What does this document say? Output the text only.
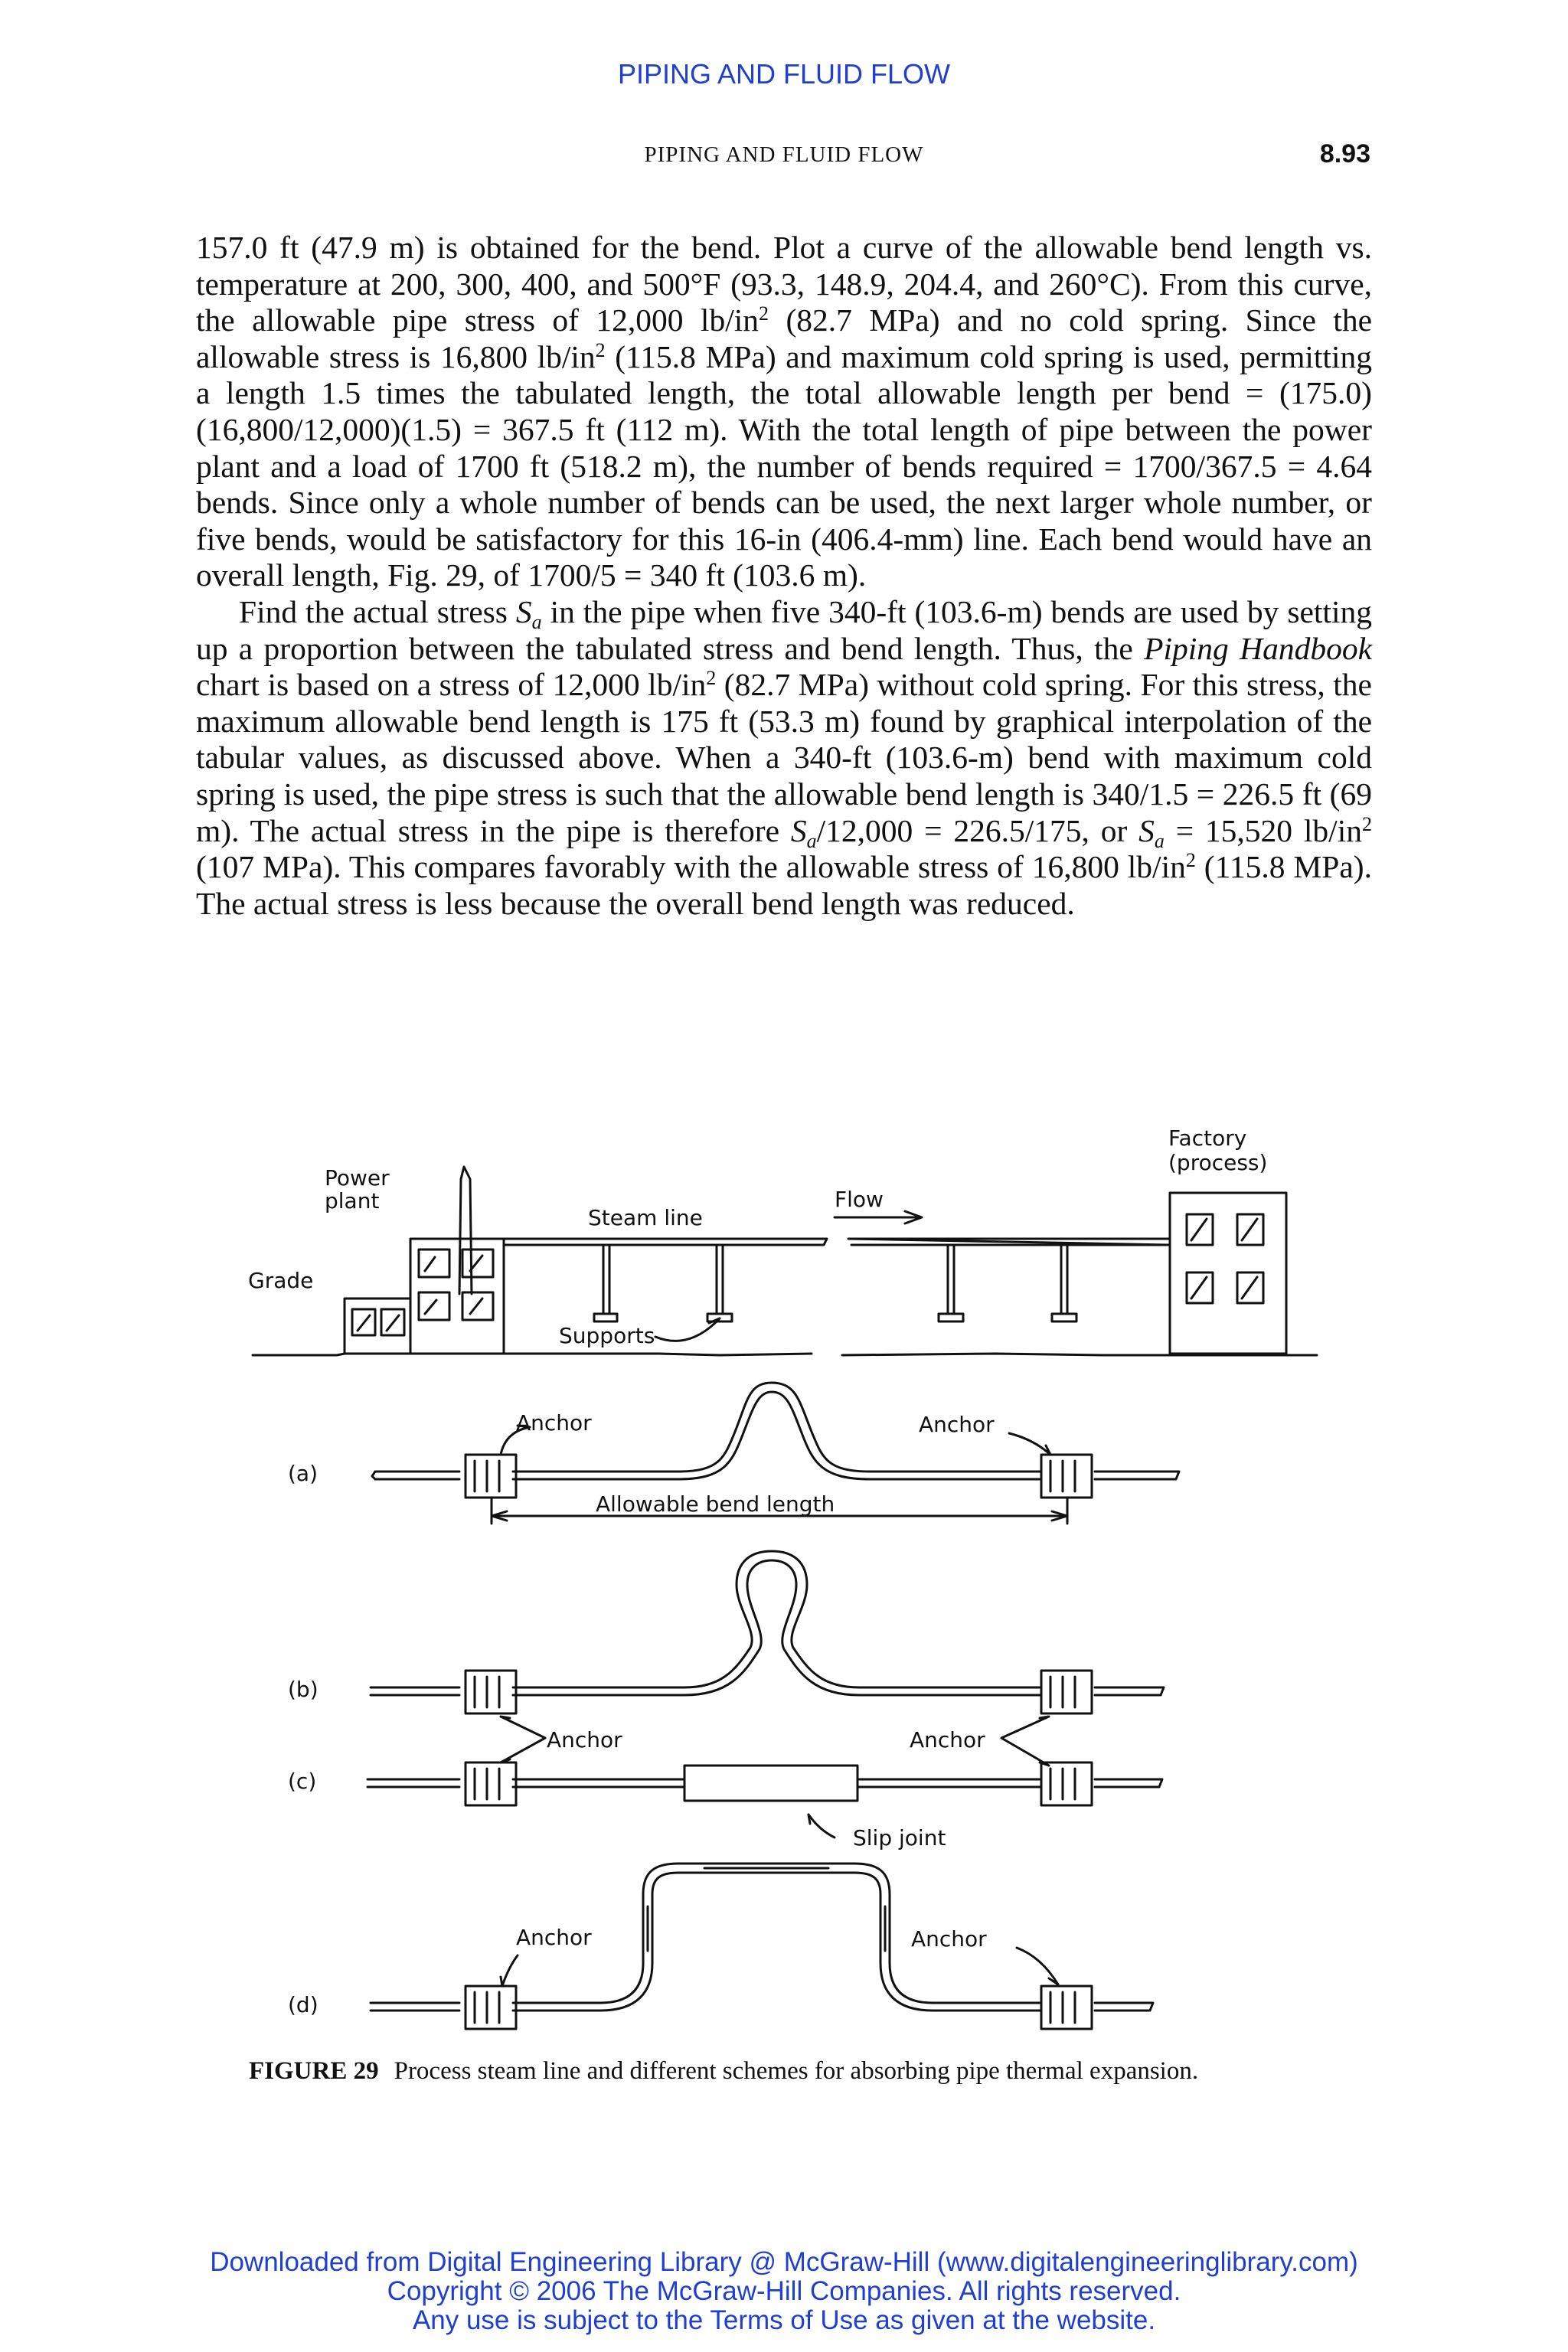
PIPING AND FLUID FLOW
PIPING AND FLUID FLOW	8.93

157.0 ft (47.9 m) is obtained for the bend. Plot a curve of the allowable bend length vs. temperature at 200, 300, 400, and 500°F (93.3, 148.9, 204.4, and 260°C). From this curve, the allowable pipe stress of 12,000 $lb/in^2$ (82.7 MPa) and no cold spring. Since the allowable stress is 16,800 $lb/in^2$ (115.8 MPa) and maximum cold spring is used, permitting a length 1.5 times the tabulated length, the total allowable length per bend = (175.0)(16,800/12,000)(1.5) = 367.5 ft (112 m). With the total length of pipe between the power plant and a load of 1700 ft (518.2 m), the number of bends required = 1700/367.5 = 4.64 bends. Since only a whole number of bends can be used, the next larger whole number, or five bends, would be satisfactory for this 16-in (406.4-mm) line. Each bend would have an overall length, Fig. 29, of 1700/5 = 340 ft (103.6 m).

Find the actual stress $S_a$ in the pipe when five 340-ft (103.6-m) bends are used by setting up a proportion between the tabulated stress and bend length. Thus, the Piping Handbook chart is based on a stress of 12,000 $lb/in^2$ (82.7 MPa) without cold spring. For this stress, the maximum allowable bend length is 175 ft (53.3 m) found by graphical interpolation of the tabular values, as discussed above. When a 340-ft (103.6-m) bend with maximum cold spring is used, the pipe stress is such that the allowable bend length is 340/1.5 = 226.5 ft (69 m). The actual stress in the pipe is therefore $S_a/12,000 = 226.5/175$, or $S_a = 15,520$ $lb/in^2$ (107 MPa). This compares favorably with the allowable stress of 16,800 $lb/in^2$ (115.8 MPa). The actual stress is less because the overall bend length was reduced.

Power
plant
Grade
Steam line
Flow
Factory
(process)
Supports
Anchor	Anchor
(a)
Allowable bend length
(b)
Anchor	Anchor
(c)
Slip joint
Anchor	Anchor
(d)
FIGURE 29 Process steam line and different schemes for absorbing pipe thermal expansion.
Downloaded from Digital Engineering Library @ McGraw-Hill (www.digitalengineeringlibrary.com)
Copyright © 2006 The McGraw-Hill Companies. All rights reserved.
Any use is subject to the Terms of Use as given at the website.
